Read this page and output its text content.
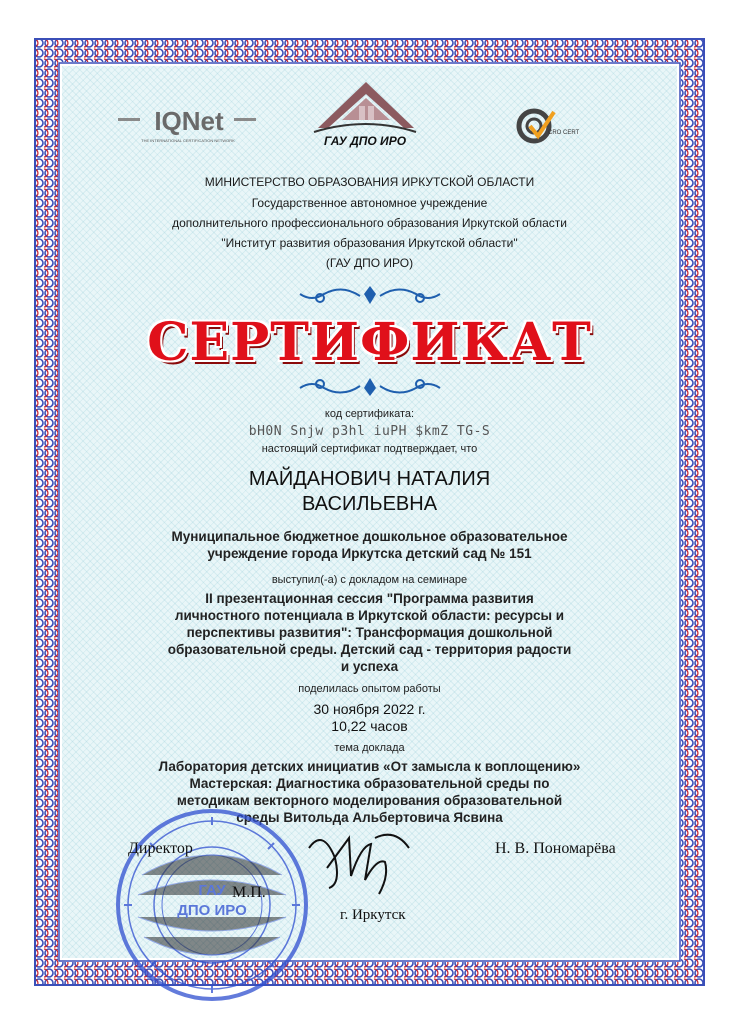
IQNet
THE INTERNATIONAL CERTIFICATION NETWORK	ГАУ ДПО ИРО
CRO CERT
МИНИСТЕРСТВО ОБРАЗОВАНИЯ ИРКУТСКОЙ ОБЛАСТИ
Государственное автономное учреждение
дополнительного профессионального образования Иркутской области
"Институт развития образования Иркутской области"
(ГАУ ДПО ИРО)
СЕРТИФИКАТ
код сертификата:
bH0N Snjw p3hl iuPH $kmZ TG-S
настоящий сертификат подтверждает, что
МАЙДАНОВИЧ НАТАЛИЯ
ВАСИЛЬЕВНА
Муниципальное бюджетное дошкольное образовательное
учреждение города Иркутска детский сад № 151
выступил(-а) с докладом на семинаре
II презентационная сессия "Программа развития
личностного потенциала в Иркутской области: ресурсы и
перспективы развития": Трансформация дошкольной
образовательной среды. Детский сад - территория радости
и успеха
поделилась опытом работы
30 ноября 2022 г.
10,22 часов
тема доклада
Лаборатория детских инициатив «От замысла к воплощению»
Мастерская: Диагностика образовательной среды по
методикам векторного моделирования образовательной
среды Витольда Альбертовича Ясвина
ГАУ
ДПО ИРО
Директор	Н. В. Пономарёва
М.П.
г. Иркутск
